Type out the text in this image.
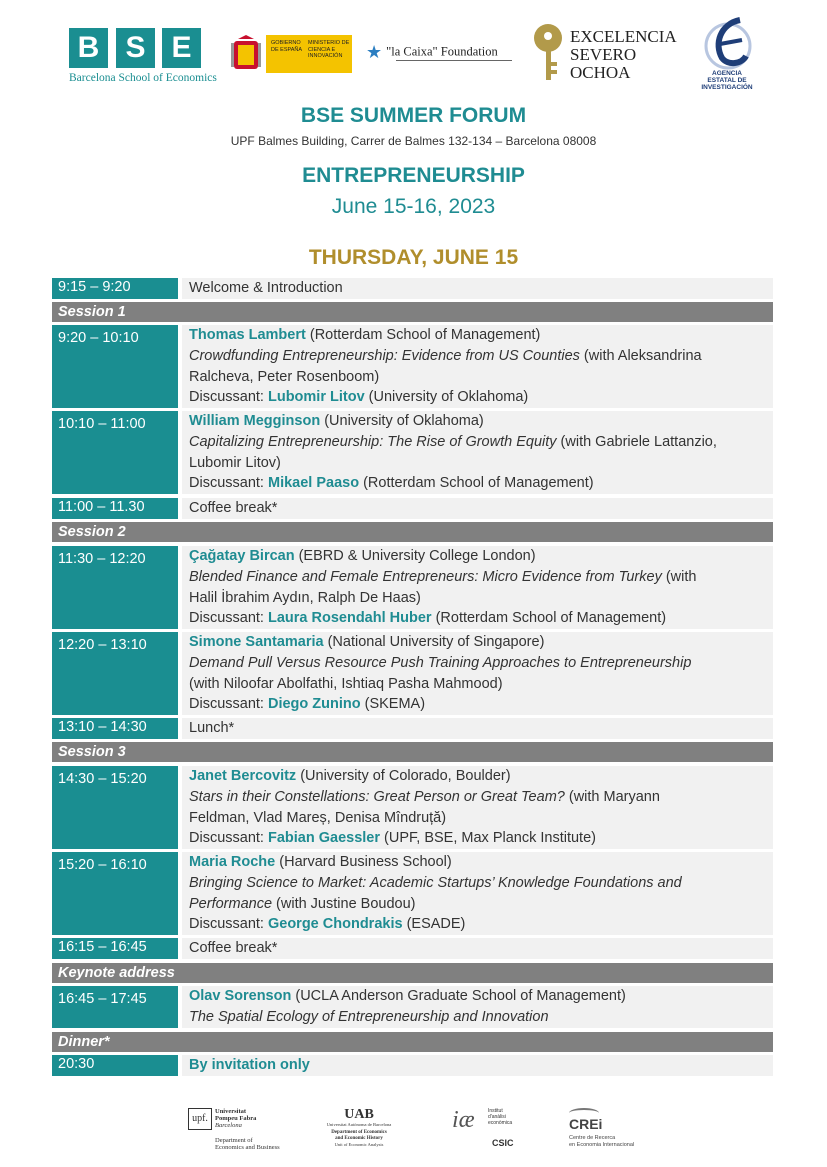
B S E
Barcelona School of Economics
GOBIERNO DE ESPAÑA
MINISTERIO DE CIENCIA E INNOVACIÓN	★ "la Caixa" Foundation
EXCELENCIA
SEVERO
OCHOA	AGENCIA
ESTATAL DE
INVESTIGACIÓN
BSE SUMMER FORUM
UPF Balmes Building, Carrer de Balmes 132-134 – Barcelona 08008
ENTREPRENEURSHIP
June 15-16, 2023
THURSDAY, JUNE 15
9:15 – 9:20	Welcome & Introduction
Session 1
9:20 – 10:10	Thomas Lambert (Rotterdam School of Management)
Crowdfunding Entrepreneurship: Evidence from US Counties (with Aleksandrina
Ralcheva, Peter Rosenboom)
Discussant: Lubomir Litov (University of Oklahoma)
10:10 – 11:00	William Megginson (University of Oklahoma)
Capitalizing Entrepreneurship: The Rise of Growth Equity (with Gabriele Lattanzio,
Lubomir Litov)
Discussant: Mikael Paaso (Rotterdam School of Management)
11:00 – 11.30	Coffee break*
Session 2
11:30 – 12:20	Çağatay Bircan (EBRD & University College London)
Blended Finance and Female Entrepreneurs: Micro Evidence from Turkey (with
Halil İbrahim Aydın, Ralph De Haas)
Discussant: Laura Rosendahl Huber (Rotterdam School of Management)
12:20 – 13:10	Simone Santamaria (National University of Singapore)
Demand Pull Versus Resource Push Training Approaches to Entrepreneurship
(with Niloofar Abolfathi, Ishtiaq Pasha Mahmood)
Discussant: Diego Zunino (SKEMA)
13:10 – 14:30	Lunch*
Session 3
14:30 – 15:20	Janet Bercovitz (University of Colorado, Boulder)
Stars in their Constellations: Great Person or Great Team? (with Maryann
Feldman, Vlad Mareș, Denisa Mîndruță)
Discussant: Fabian Gaessler (UPF, BSE, Max Planck Institute)
15:20 – 16:10	Maria Roche (Harvard Business School)
Bringing Science to Market: Academic Startups’ Knowledge Foundations and
Performance (with Justine Boudou)
Discussant: George Chondrakis (ESADE)
16:15 – 16:45	Coffee break*
Keynote address
16:45 – 17:45	Olav Sorenson (UCLA Anderson Graduate School of Management)
The Spatial Ecology of Entrepreneurship and Innovation
Dinner*
20:30	By invitation only
upf.
Universitat
Pompeu Fabra
Barcelona
Department of
Economics and Business
UAB
Universitat Autònoma de Barcelona
Department of Economics
and Economic History
Unit of Economic Analysis
iæ	Institut
d'anàlisi
econòmica
CSIC
CREi
Centre de Recerca
en Economia Internacional
